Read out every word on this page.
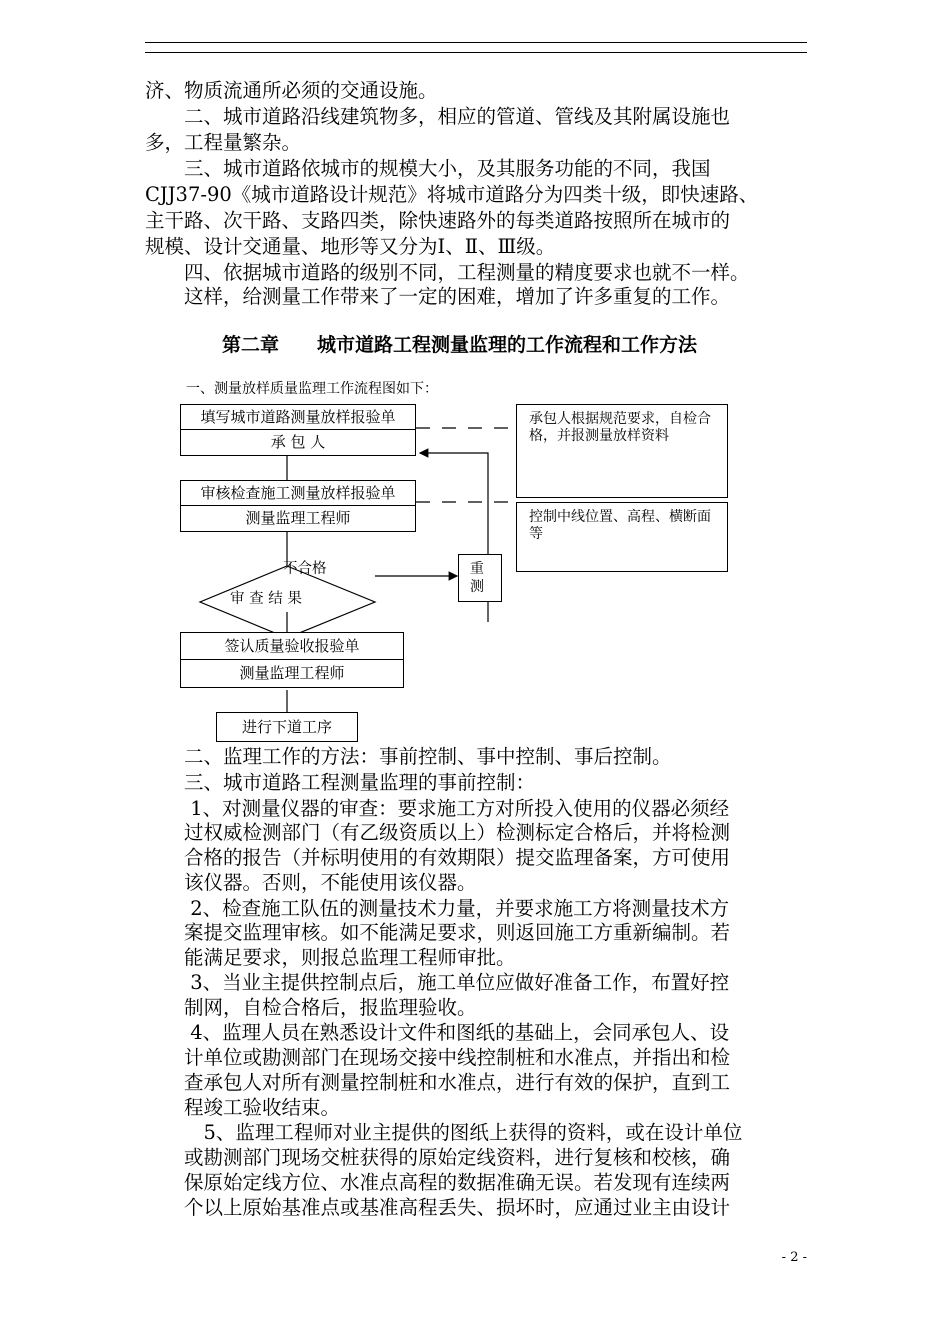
济、物质流通所必须的交通设施。
　　二、城市道路沿线建筑物多，相应的管道、管线及其附属设施也
多，工程量繁杂。
　　三、城市道路依城市的规模大小，及其服务功能的不同，我国
CJJ37-90《城市道路设计规范》将城市道路分为四类十级，即快速路、
主干路、次干路、支路四类，除快速路外的每类道路按照所在城市的
规模、设计交通量、地形等又分为Ⅰ、Ⅱ、Ⅲ级。
　　四、依据城市道路的级别不同，工程测量的精度要求也就不一样。
　　这样，给测量工作带来了一定的困难，增加了许多重复的工作。
第二章　　城市道路工程测量监理的工作流程和工作方法
一、测量放样质量监理工作流程图如下：
填写城市道路测量放样报验单
承 包 人
承包人根据规范要求，自检合格，并报测量放样资料
审核检查施工测量放样报验单
测量监理工程师	控制中线位置、高程、横断面等
不合格
审 查 结 果
重 测
签认质量验收报验单
测量监理工程师
进行下道工序
　　二、监理工作的方法：事前控制、事中控制、事后控制。
　　三、城市道路工程测量监理的事前控制：
　　 1、对测量仪器的审查：要求施工方对所投入使用的仪器必须经
　　过权威检测部门（有乙级资质以上）检测标定合格后，并将检测
　　合格的报告（并标明使用的有效期限）提交监理备案，方可使用
　　该仪器。否则，不能使用该仪器。
　　 2、检查施工队伍的测量技术力量，并要求施工方将测量技术方
　　案提交监理审核。如不能满足要求，则返回施工方重新编制。若
　　能满足要求，则报总监理工程师审批。
　　 3、当业主提供控制点后，施工单位应做好准备工作，布置好控
　　制网，自检合格后，报监理验收。
　　 4、监理人员在熟悉设计文件和图纸的基础上，会同承包人、设
　　计单位或勘测部门在现场交接中线控制桩和水准点，并指出和检
　　查承包人对所有测量控制桩和水准点，进行有效的保护，直到工
　　程竣工验收结束。
　　　5、监理工程师对业主提供的图纸上获得的资料，或在设计单位
　　或勘测部门现场交桩获得的原始定线资料，进行复核和校核，确
　　保原始定线方位、水准点高程的数据准确无误。若发现有连续两
　　个以上原始基准点或基准高程丢失、损坏时，应通过业主由设计
- 2 -
